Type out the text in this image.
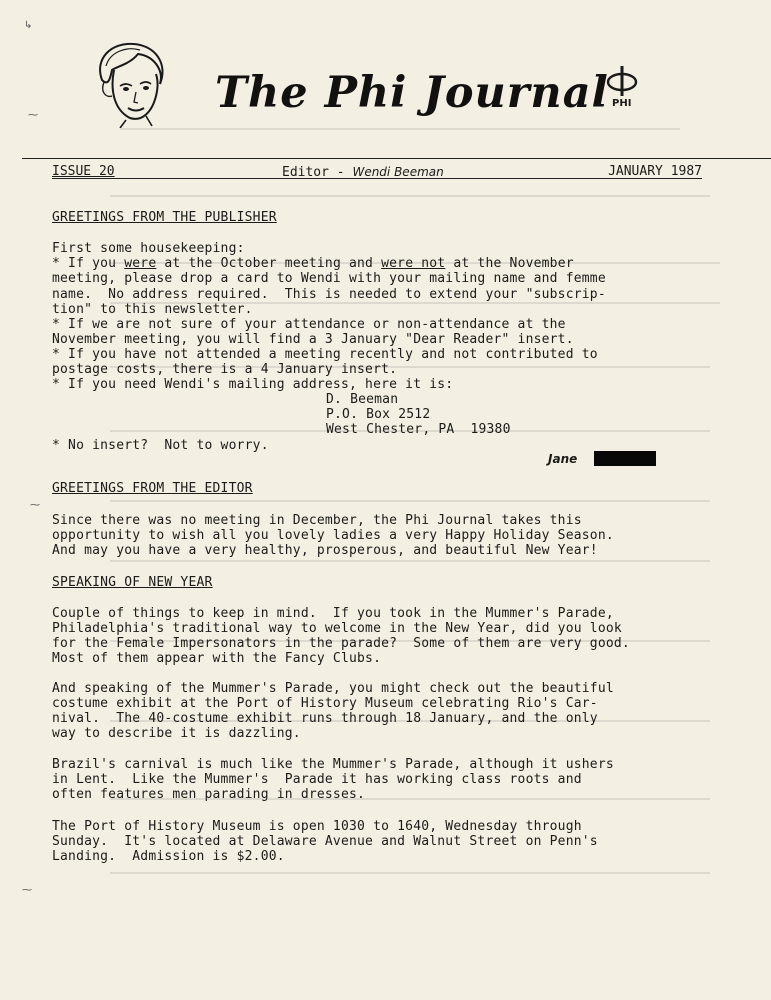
The Phi Journal PHI
ISSUE 20	Editor - Wendi Beeman	JANUARY 1987
GREETINGS FROM THE PUBLISHER
First some housekeeping:
* If you were at the October meeting and were not at the November
meeting, please drop a card to Wendi with your mailing name and femme
name.  No address required.  This is needed to extend your "subscrip-
tion" to this newsletter.
* If we are not sure of your attendance or non-attendance at the
November meeting, you will find a 3 January "Dear Reader" insert.
* If you have not attended a meeting recently and not contributed to
postage costs, there is a 4 January insert.
* If you need Wendi's mailing address, here it is:
D. Beeman
P.O. Box 2512
West Chester, PA  19380
* No insert?  Not to worry.
Jane
GREETINGS FROM THE EDITOR
Since there was no meeting in December, the Phi Journal takes this
opportunity to wish all you lovely ladies a very Happy Holiday Season.
And may you have a very healthy, prosperous, and beautiful New Year!
SPEAKING OF NEW YEAR
Couple of things to keep in mind.  If you took in the Mummer's Parade,
Philadelphia's traditional way to welcome in the New Year, did you look
for the Female Impersonators in the parade?  Some of them are very good.
Most of them appear with the Fancy Clubs.
And speaking of the Mummer's Parade, you might check out the beautiful
costume exhibit at the Port of History Museum celebrating Rio's Car-
nival.  The 40-costume exhibit runs through 18 January, and the only
way to describe it is dazzling.
Brazil's carnival is much like the Mummer's Parade, although it ushers
in Lent.  Like the Mummer's  Parade it has working class roots and
often features men parading in dresses.
The Port of History Museum is open 1030 to 1640, Wednesday through
Sunday.  It's located at Delaware Avenue and Walnut Street on Penn's
Landing.  Admission is $2.00.
↳
⁓
⁓
⁓
